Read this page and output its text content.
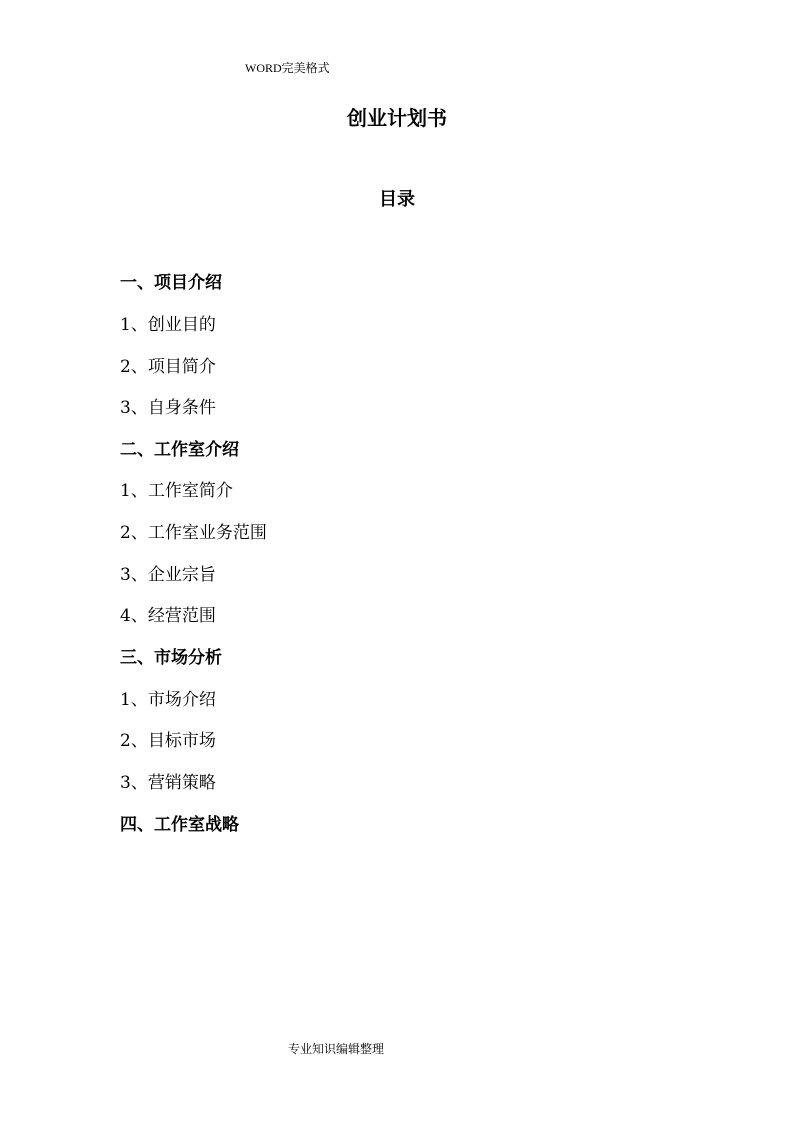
WORD完美格式
创业计划书
目录
一、项目介绍
1、创业目的
2、项目简介
3、自身条件
二、工作室介绍
1、工作室简介
2、工作室业务范围
3、企业宗旨
4、经营范围
三、市场分析
1、市场介绍
2、目标市场
3、营销策略
四、工作室战略
专业知识编辑整理
